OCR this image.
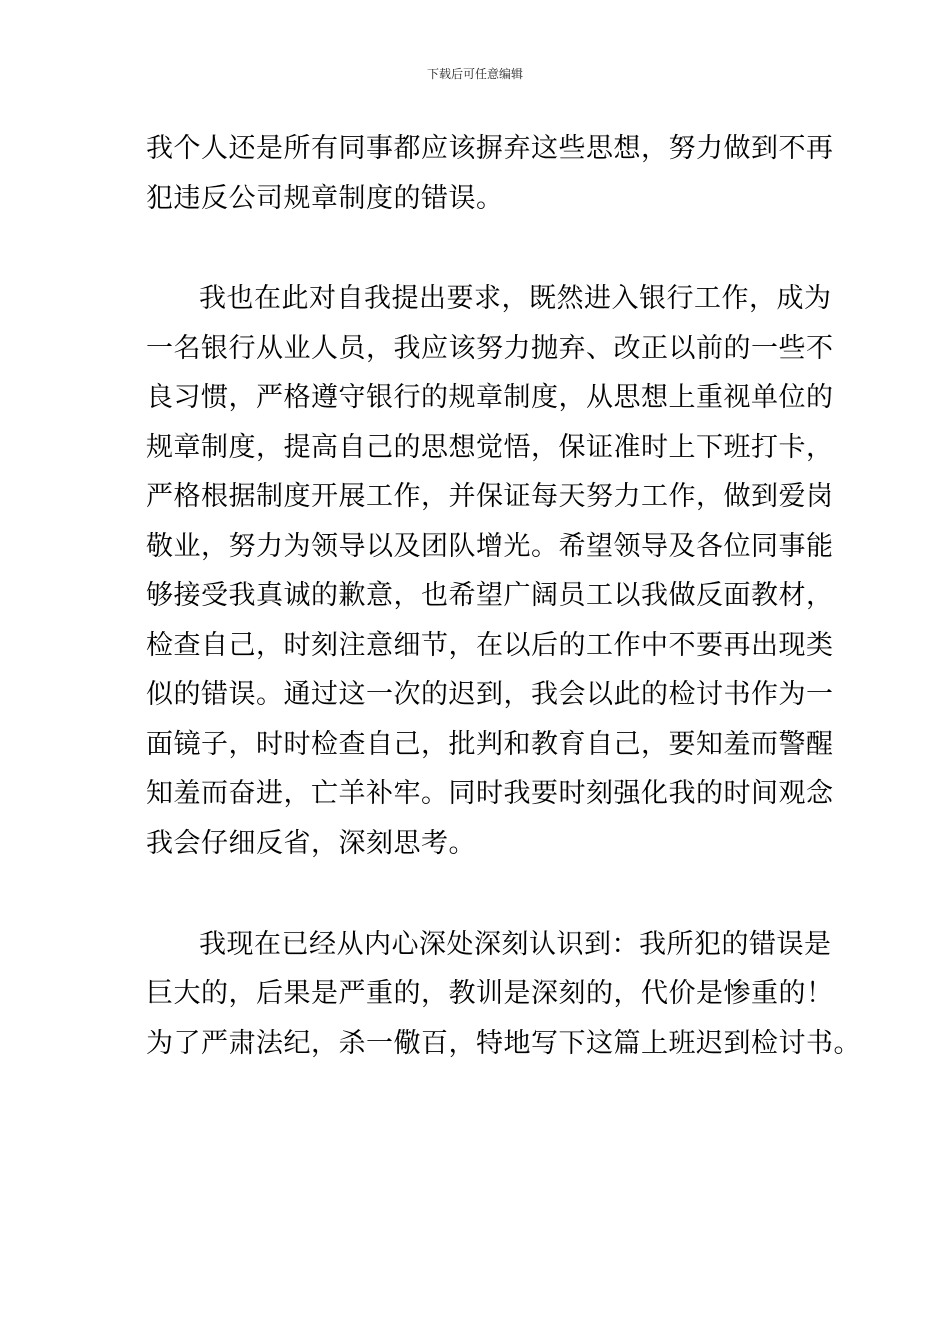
下载后可任意编辑
我个人还是所有同事都应该摒弃这些思想，努力做到不再
犯违反公司规章制度的错误。
我也在此对自我提出要求，既然进入银行工作，成为
一名银行从业人员，我应该努力抛弃、改正以前的一些不
良习惯，严格遵守银行的规章制度，从思想上重视单位的
规章制度，提高自己的思想觉悟，保证准时上下班打卡，
严格根据制度开展工作，并保证每天努力工作，做到爱岗
敬业，努力为领导以及团队增光。希望领导及各位同事能
够接受我真诚的歉意，也希望广阔员工以我做反面教材，
检查自己，时刻注意细节，在以后的工作中不要再出现类
似的错误。通过这一次的迟到，我会以此的检讨书作为一
面镜子，时时检查自己，批判和教育自己，要知羞而警醒
知羞而奋进，亡羊补牢。同时我要时刻强化我的时间观念
我会仔细反省，深刻思考。
我现在已经从内心深处深刻认识到：我所犯的错误是
巨大的，后果是严重的，教训是深刻的，代价是惨重的！
为了严肃法纪，杀一儆百，特地写下这篇上班迟到检讨书。
